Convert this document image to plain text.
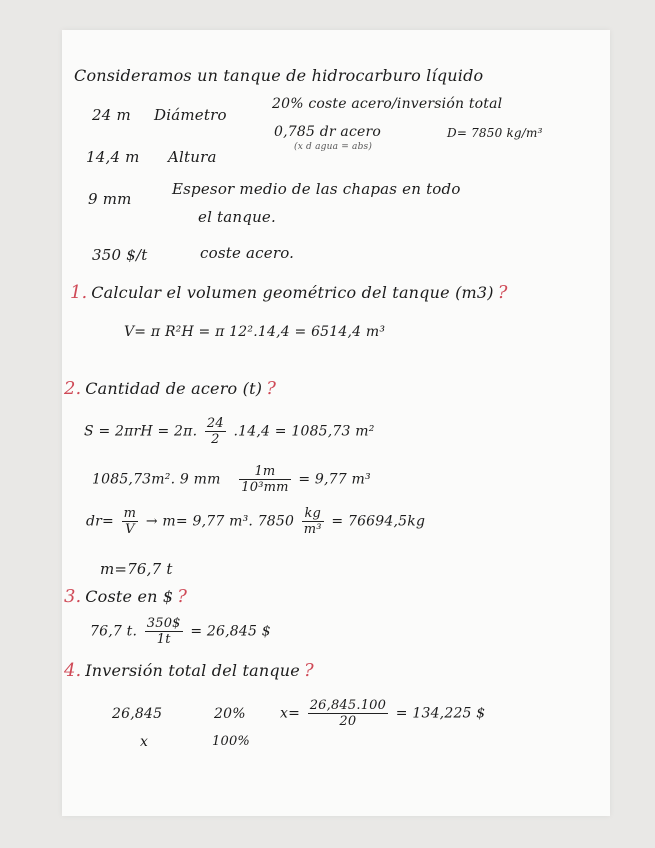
Consideramos un tanque de hidrocarburo líquido
24 m Diámetro
20% coste acero/inversión total
0,785 dr acero
(x d agua = abs)
D= 7850 kg/m³
14,4 m Altura
9 mm
Espesor medio de las chapas en todo
el tanque.
350 $/t	coste acero.
1. Calcular el volumen geométrico del tanque (m3) ?
V= π R²H = π 12².14,4 = 6514,4 m³
2. Cantidad de acero (t) ?
S = 2πrH = 2π. $\frac{24}{2} .14,4 = 1085,73$ m²
1085,73m². 9 mm $\frac{1m}{\text{10³mm}} = 9,77$ m³
$dr= \frac{m}{V} \to m= 9,77$ m³. $7850 \frac{kg}{\text{m³}} = 76694,5kg$
m=76,7 t
3. Coste en $ ?
76,7 t. $\frac{350\$}{1t} = 26,845$ $
4. Inversión total del tanque ?
26,845	20%
x	100%
$x= \frac{26,845.100}{20} = 134,225$ $
